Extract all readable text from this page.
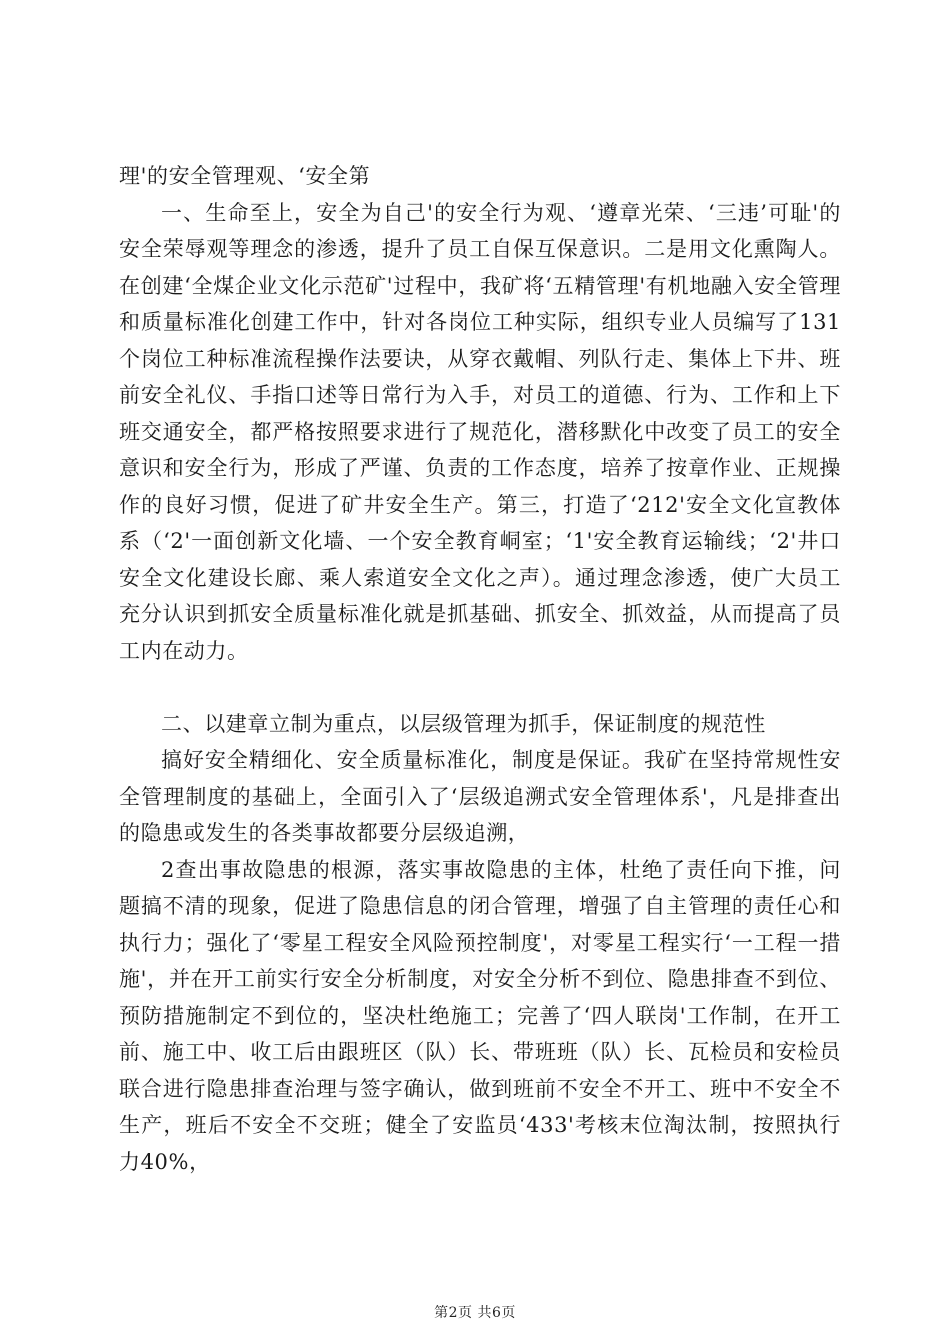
理'的安全管理观、‘安全第

一、生命至上，安全为自己'的安全行为观、‘遵章光荣、‘三违’可耻'的安全荣辱观等理念的渗透，提升了员工自保互保意识。二是用文化熏陶人。在创建‘全煤企业文化示范矿'过程中，我矿将‘五精管理'有机地融入安全管理和质量标准化创建工作中，针对各岗位工种实际，组织专业人员编写了131个岗位工种标准流程操作法要诀，从穿衣戴帽、列队行走、集体上下井、班前安全礼仪、手指口述等日常行为入手，对员工的道德、行为、工作和上下班交通安全，都严格按照要求进行了规范化，潜移默化中改变了员工的安全意识和安全行为，形成了严谨、负责的工作态度，培养了按章作业、正规操作的良好习惯，促进了矿井安全生产。第三，打造了‘212'安全文化宣教体系（‘2'一面创新文化墙、一个安全教育峒室；‘1'安全教育运输线；‘2'井口安全文化建设长廊、乘人索道安全文化之声）。通过理念渗透，使广大员工充分认识到抓安全质量标准化就是抓基础、抓安全、抓效益，从而提高了员工内在动力。

二、以建章立制为重点，以层级管理为抓手，保证制度的规范性

搞好安全精细化、安全质量标准化，制度是保证。我矿在坚持常规性安全管理制度的基础上，全面引入了‘层级追溯式安全管理体系'，凡是排查出的隐患或发生的各类事故都要分层级追溯，

2查出事故隐患的根源，落实事故隐患的主体，杜绝了责任向下推，问题搞不清的现象，促进了隐患信息的闭合管理，增强了自主管理的责任心和执行力；强化了‘零星工程安全风险预控制度'，对零星工程实行‘一工程一措施'，并在开工前实行安全分析制度，对安全分析不到位、隐患排查不到位、预防措施制定不到位的，坚决杜绝施工；完善了‘四人联岗'工作制，在开工前、施工中、收工后由跟班区（队）长、带班班（队）长、瓦检员和安检员联合进行隐患排查治理与签字确认，做到班前不安全不开工、班中不安全不生产，班后不安全不交班；健全了安监员‘433'考核末位淘汰制，按照执行力40%，

第2页 共6页
